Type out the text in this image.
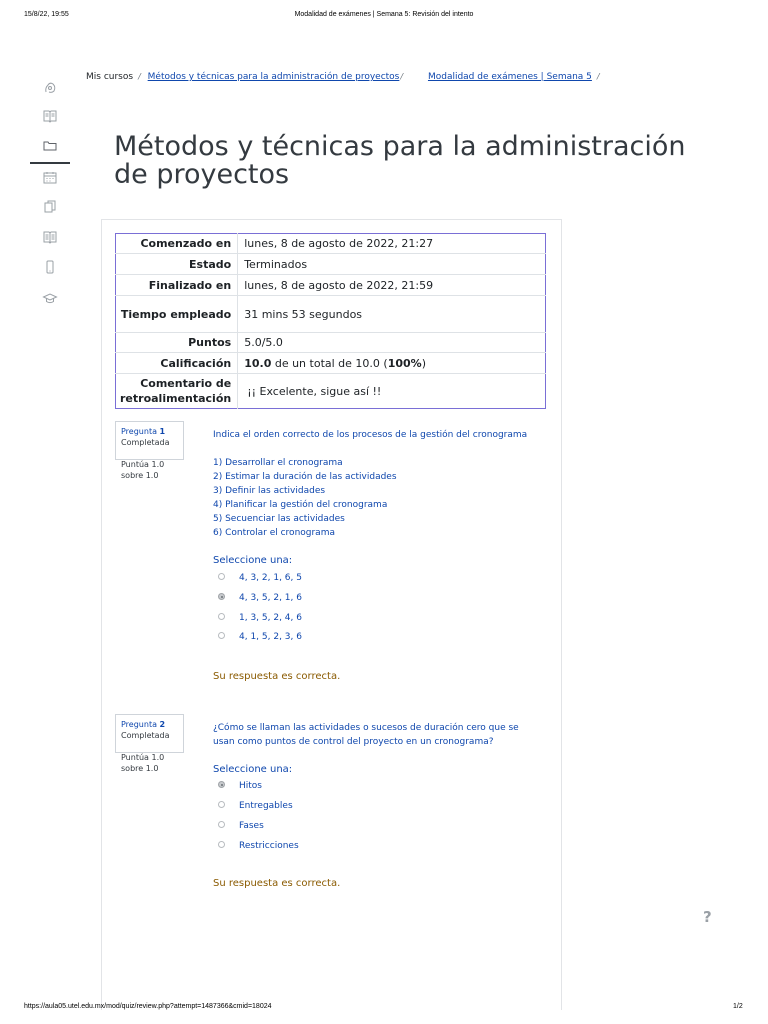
15/8/22, 19:55	Modalidad de exámenes | Semana 5: Revisión del intento
Mis cursos / Métodos y técnicas para la administración de proyectos/	Modalidad de exámenes | Semana 5 /
Métodos y técnicas para la administración de proyectos
Comenzado en	lunes, 8 de agosto de 2022, 21:27
Estado	Terminados
Finalizado en	lunes, 8 de agosto de 2022, 21:59
Tiempo empleado	31 mins 53 segundos
Puntos	5.0/5.0
Calificación	10.0 de un total de 10.0 (100%)
Comentario de retroalimentación	¡¡ Excelente, sigue así !!
Pregunta 1
Completada
Puntúa 1.0 sobre 1.0
Indica el orden correcto de los procesos de la gestión del cronograma
1) Desarrollar el cronograma
2) Estimar la duración de las actividades
3) Definir las actividades
4) Planificar la gestión del cronograma
5) Secuenciar las actividades
6) Controlar el cronograma
Seleccione una:
4, 3, 2, 1, 6, 5
4, 3, 5, 2, 1, 6
1, 3, 5, 2, 4, 6
4, 1, 5, 2, 3, 6
Su respuesta es correcta.
Pregunta 2
Completada
Puntúa 1.0 sobre 1.0
¿Cómo se llaman las actividades o sucesos de duración cero que se usan como puntos de control del proyecto en un cronograma?
Seleccione una:
Hitos
Entregables
Fases
Restricciones
Su respuesta es correcta.
?
https://aula05.utel.edu.mx/mod/quiz/review.php?attempt=1487366&cmid=18024	1/2
